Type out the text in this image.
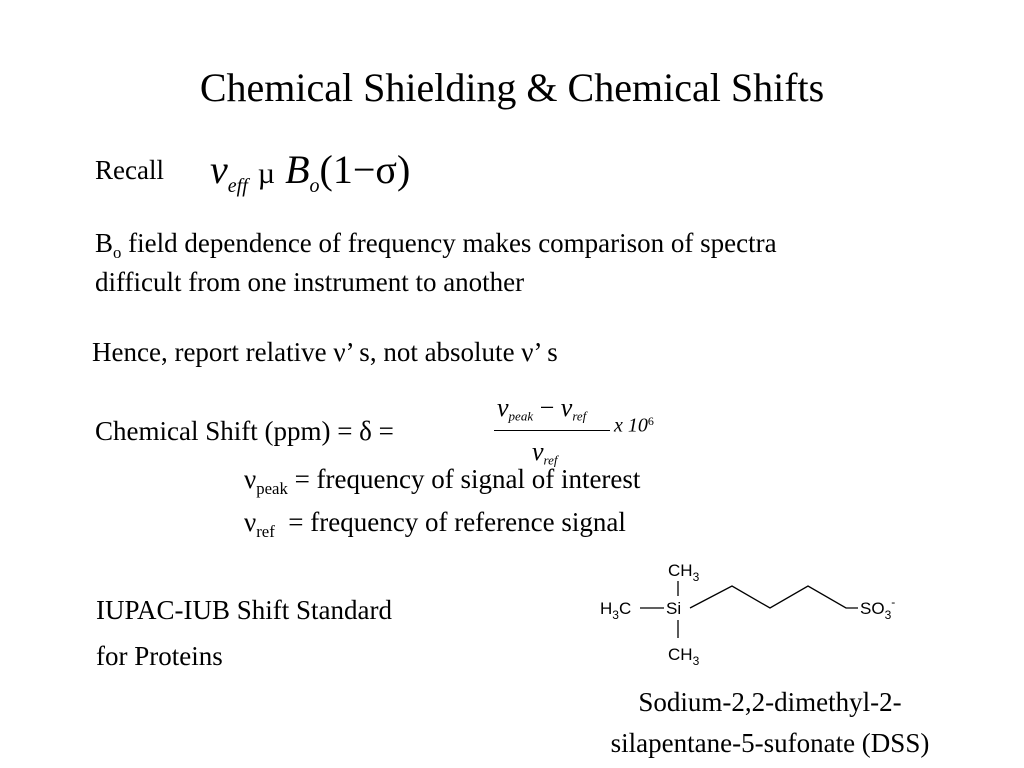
Chemical Shielding & Chemical Shifts
Recall $\nu_{eff}$ µ $B_o(1-\sigma)$
$B_o$ field dependence of frequency makes comparison of spectra
difficult from one instrument to another
Hence, report relative ν’ s, not absolute ν’ s
Chemical Shift (ppm) = δ =
$\nu_{peak} - \nu_{ref}$
$\nu_{ref}$
x $10^6$
$\nu_{peak}$ = frequency of signal of interest
$\nu_{ref}$  = frequency of reference signal
IUPAC-IUB Shift Standard
for Proteins
$CH_3$
$H_3C$ Si
$CH_3$
$SO_3^-$
Sodium-2,2-dimethyl-2-
silapentane-5-sufonate (DSS)
